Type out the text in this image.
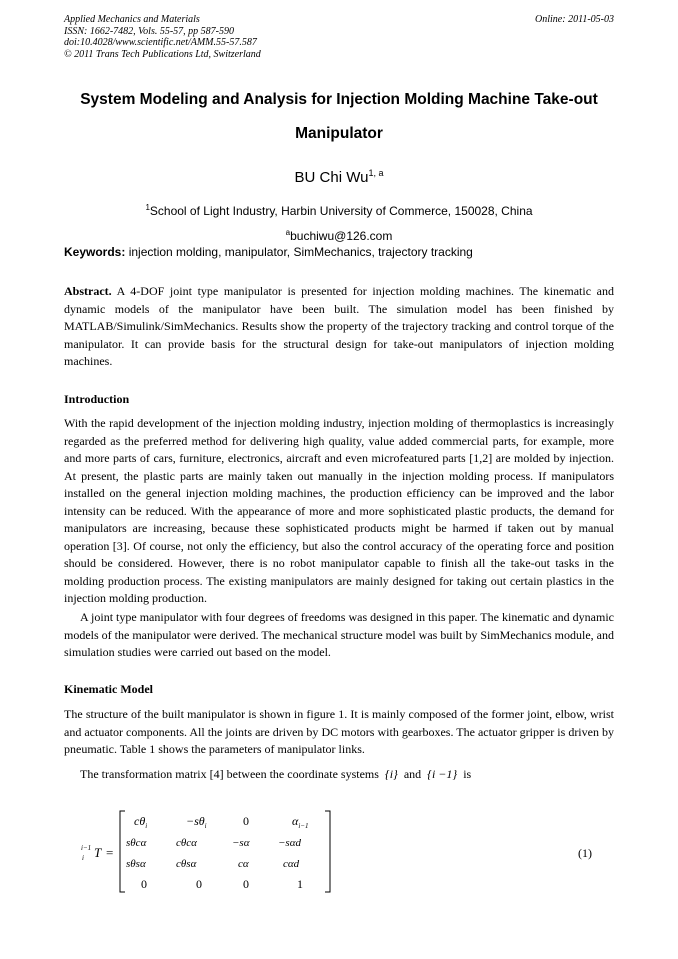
Applied Mechanics and Materials
ISSN: 1662-7482, Vols. 55-57, pp 587-590
doi:10.4028/www.scientific.net/AMM.55-57.587
© 2011 Trans Tech Publications Ltd, Switzerland
Online: 2011-05-03
System Modeling and Analysis for Injection Molding Machine Take-out
Manipulator
BU Chi Wu$^{1, a}$
$^1$School of Light Industry, Harbin University of Commerce, 150028, China
$^a$buchiwu@126.com
Keywords: injection molding, manipulator, SimMechanics, trajectory tracking
Abstract. A 4-DOF joint type manipulator is presented for injection molding machines. The kinematic and dynamic models of the manipulator have been built. The simulation model has been finished by MATLAB/Simulink/SimMechanics. Results show the property of the trajectory tracking and control torque of the manipulator. It can provide basis for the structural design for take-out manipulators of injection molding machines.
Introduction
With the rapid development of the injection molding industry, injection molding of thermoplastics is increasingly regarded as the preferred method for delivering high quality, value added commercial parts, for example, more and more parts of cars, furniture, electronics, aircraft and even microfeatured parts [1,2] are molded by injection. At present, the plastic parts are mainly taken out manually in the injection molding process. If manipulators installed on the general injection molding machines, the production efficiency can be improved and the labor intensity can be reduced. With the appearance of more and more sophisticated plastic products, the demand for manipulators are increasing, because these sophisticated products might be harmed if taken out by manual operation [3]. Of course, not only the efficiency, but also the control accuracy of the operating force and position should be considered. However, there is no robot manipulator capable to finish all the take-out tasks in the molding production process. The existing manipulators are mainly designed for taking out certain plastics in the injection molding production.
A joint type manipulator with four degrees of freedoms was designed in this paper. The kinematic and dynamic models of the manipulator were derived. The mechanical structure model was built by SimMechanics module, and simulation studies were carried out based on the model.
Kinematic Model
The structure of the built manipulator is shown in figure 1. It is mainly composed of the former joint, elbow, wrist and actuator components. All the joints are driven by DC motors with gearboxes. The actuator gripper is driven by pneumatic. Table 1 shows the parameters of manipulator links.
The transformation matrix [4] between the coordinate systems {i} and {i −1} is
i−1
i T =
$c\theta_i$	$-s\theta_i$	0	$\alpha_{i-1}$
sθcα	cθcα	−sα	−sαd
sθsα	cθsα	cα	cαd
0	0	0	1
(1)
